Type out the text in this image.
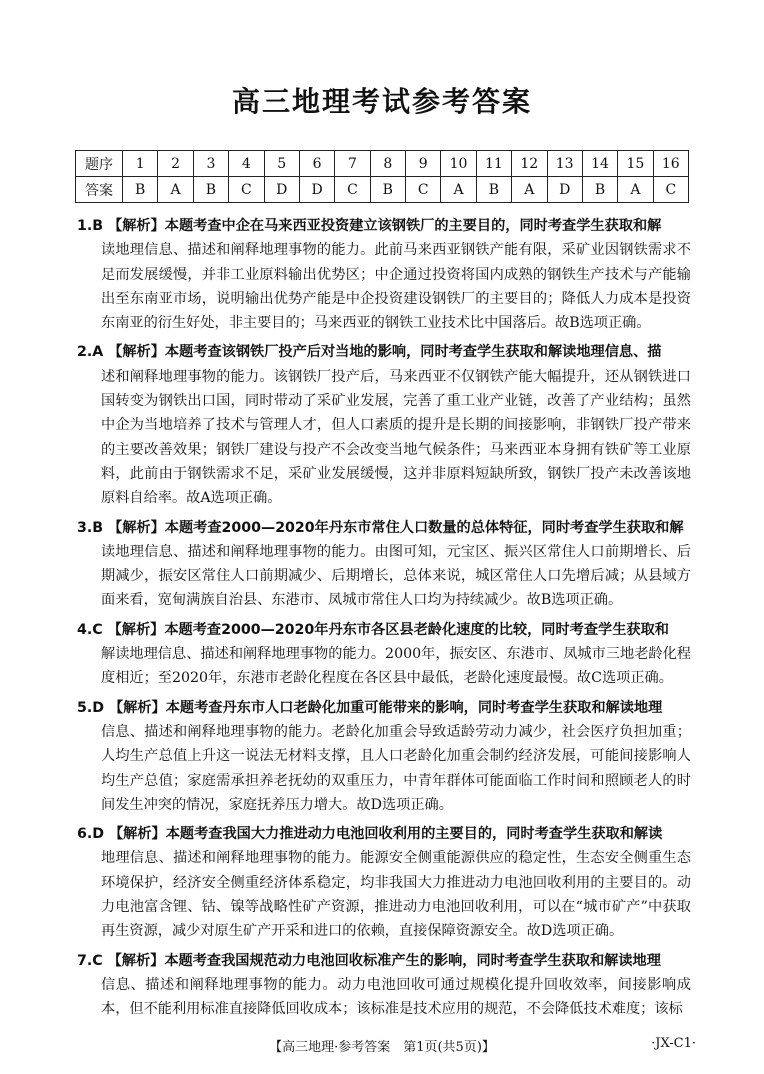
高三地理考试参考答案
题序	1	2	3	4	5	6	7	8	9	10	11	12	13	14	15	16
答案	B	A	B	C	D	D	C	B	C	A	B	A	D	B	A	C
1.B 【解析】本题考查中企在马来西亚投资建立该钢铁厂的主要目的，同时考查学生获取和解
读地理信息、描述和阐释地理事物的能力。此前马来西亚钢铁产能有限，采矿业因钢铁需求不足而发展缓慢，并非工业原料输出优势区；中企通过投资将国内成熟的钢铁生产技术与产能输出至东南亚市场，说明输出优势产能是中企投资建设钢铁厂的主要目的；降低人力成本是投资东南亚的衍生好处，非主要目的；马来西亚的钢铁工业技术比中国落后。故B选项正确。
2.A 【解析】本题考查该钢铁厂投产后对当地的影响，同时考查学生获取和解读地理信息、描
述和阐释地理事物的能力。该钢铁厂投产后，马来西亚不仅钢铁产能大幅提升，还从钢铁进口国转变为钢铁出口国，同时带动了采矿业发展，完善了重工业产业链，改善了产业结构；虽然中企为当地培养了技术与管理人才，但人口素质的提升是长期的间接影响，非钢铁厂投产带来的主要改善效果；钢铁厂建设与投产不会改变当地气候条件；马来西亚本身拥有铁矿等工业原料，此前由于钢铁需求不足，采矿业发展缓慢，这并非原料短缺所致，钢铁厂投产未改善该地原料自给率。故A选项正确。
3.B 【解析】本题考查2000—2020年丹东市常住人口数量的总体特征，同时考查学生获取和解
读地理信息、描述和阐释地理事物的能力。由图可知，元宝区、振兴区常住人口前期增长、后期减少，振安区常住人口前期减少、后期增长，总体来说，城区常住人口先增后减；从县域方面来看，宽甸满族自治县、东港市、凤城市常住人口均为持续减少。故B选项正确。
4.C 【解析】本题考查2000—2020年丹东市各区县老龄化速度的比较，同时考查学生获取和
解读地理信息、描述和阐释地理事物的能力。2000年，振安区、东港市、凤城市三地老龄化程度相近；至2020年，东港市老龄化程度在各区县中最低，老龄化速度最慢。故C选项正确。
5.D 【解析】本题考查丹东市人口老龄化加重可能带来的影响，同时考查学生获取和解读地理
信息、描述和阐释地理事物的能力。老龄化加重会导致适龄劳动力减少，社会医疗负担加重；人均生产总值上升这一说法无材料支撑，且人口老龄化加重会制约经济发展，可能间接影响人均生产总值；家庭需承担养老抚幼的双重压力，中青年群体可能面临工作时间和照顾老人的时间发生冲突的情况，家庭抚养压力增大。故D选项正确。
6.D 【解析】本题考查我国大力推进动力电池回收利用的主要目的，同时考查学生获取和解读
地理信息、描述和阐释地理事物的能力。能源安全侧重能源供应的稳定性，生态安全侧重生态环境保护，经济安全侧重经济体系稳定，均非我国大力推进动力电池回收利用的主要目的。动力电池富含锂、钴、镍等战略性矿产资源，推进动力电池回收利用，可以在“城市矿产”中获取再生资源，减少对原生矿产开采和进口的依赖，直接保障资源安全。故D选项正确。
7.C 【解析】本题考查我国规范动力电池回收标准产生的影响，同时考查学生获取和解读地理
信息、描述和阐释地理事物的能力。动力电池回收可通过规模化提升回收效率，间接影响成本，但不能利用标准直接降低回收成本；该标准是技术应用的规范，不会降低技术难度；该标
【高三地理·参考答案　第1页(共5页)】	·JX-C1·
